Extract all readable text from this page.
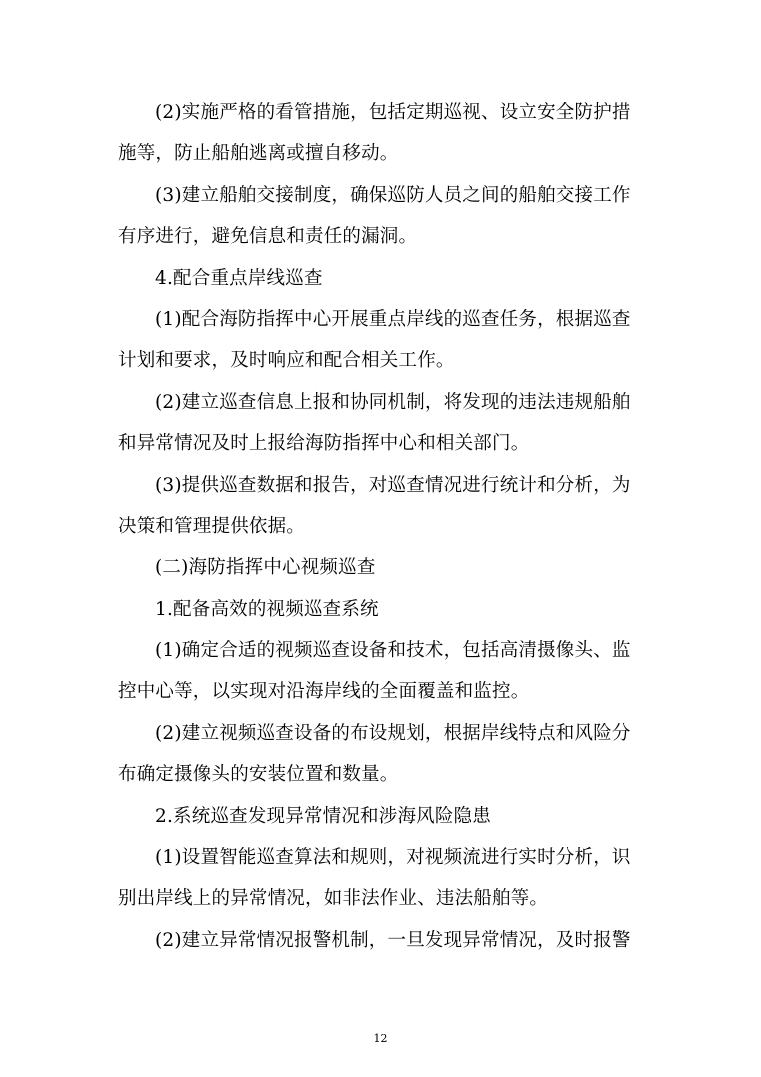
(2)实施严格的看管措施，包括定期巡视、设立安全防护措
施等，防止船舶逃离或擅自移动。
(3)建立船舶交接制度，确保巡防人员之间的船舶交接工作
有序进行，避免信息和责任的漏洞。
4.配合重点岸线巡查
(1)配合海防指挥中心开展重点岸线的巡查任务，根据巡查
计划和要求，及时响应和配合相关工作。
(2)建立巡查信息上报和协同机制，将发现的违法违规船舶
和异常情况及时上报给海防指挥中心和相关部门。
(3)提供巡查数据和报告，对巡查情况进行统计和分析，为
决策和管理提供依据。
(二)海防指挥中心视频巡查
1.配备高效的视频巡查系统
(1)确定合适的视频巡查设备和技术，包括高清摄像头、监
控中心等，以实现对沿海岸线的全面覆盖和监控。
(2)建立视频巡查设备的布设规划，根据岸线特点和风险分
布确定摄像头的安装位置和数量。
2.系统巡查发现异常情况和涉海风险隐患
(1)设置智能巡查算法和规则，对视频流进行实时分析，识
别出岸线上的异常情况，如非法作业、违法船舶等。
(2)建立异常情况报警机制，一旦发现异常情况，及时报警
12
